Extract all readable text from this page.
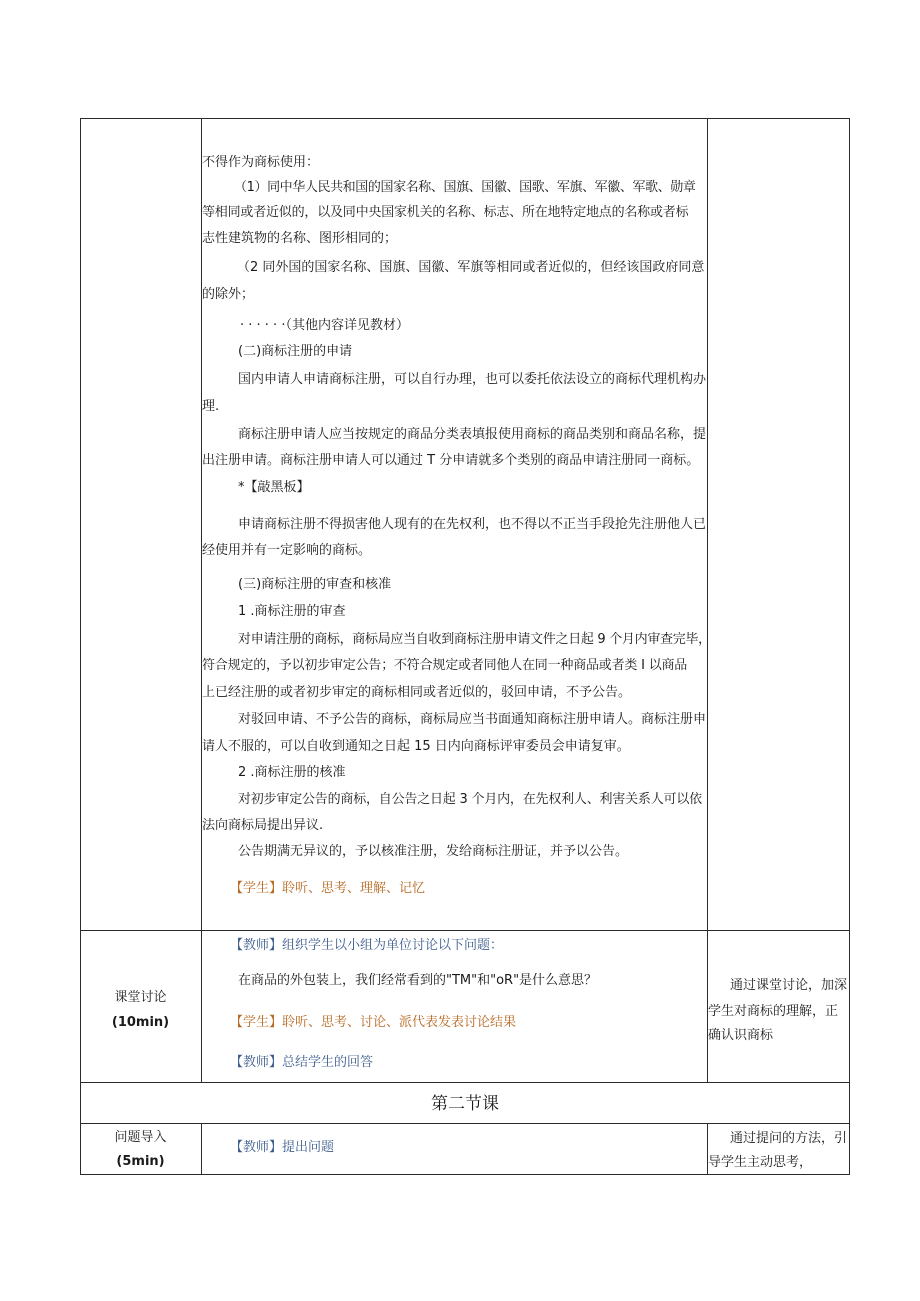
不得作为商标使用：
（1）同中华人民共和国的国家名称、国旗、国徽、国歌、军旗、军徽、军歌、勋章
等相同或者近似的，以及同中央国家机关的名称、标志、所在地特定地点的名称或者标
志性建筑物的名称、图形相同的；
（2 同外国的国家名称、国旗、国徽、军旗等相同或者近似的，但经该国政府同意
的除外；
· · · · · ·（其他内容详见教材）
(二)商标注册的申请
国内申请人申请商标注册，可以自行办理，也可以委托依法设立的商标代理机构办
理.
商标注册申请人应当按规定的商品分类表填报使用商标的商品类别和商品名称，提
出注册申请。商标注册申请人可以通过 T 分申请就多个类别的商品申请注册同一商标。
*【敲黑板】
申请商标注册不得损害他人现有的在先权利，也不得以不正当手段抢先注册他人已
经使用并有一定影响的商标。
(三)商标注册的审查和核准
1 .商标注册的审查
对申请注册的商标，商标局应当自收到商标注册申请文件之日起 9 个月内审查完毕，
符合规定的，予以初步审定公告；不符合规定或者同他人在同一种商品或者类 I 以商品
上已经注册的或者初步审定的商标相同或者近似的，驳回申请，不予公告。
对驳回申请、不予公告的商标，商标局应当书面通知商标注册申请人。商标注册申
请人不服的，可以自收到通知之日起 15 日内向商标评审委员会申请复审。
2 .商标注册的核准
对初步审定公告的商标，自公告之日起 3 个月内，在先权利人、利害关系人可以依
法向商标局提出异议.
公告期满无异议的，予以核准注册，发给商标注册证，并予以公告。
【学生】聆听、思考、理解、记忆
课堂讨论
(10min)
【教师】组织学生以小组为单位讨论以下问题：
在商品的外包装上，我们经常看到的"TM"和"oR"是什么意思？
【学生】聆听、思考、讨论、派代表发表讨论结果
【教师】总结学生的回答
通过课堂讨论，加深
学生对商标的理解，正
确认识商标
第二节课
问题导入
(5min)
【教师】提出问题
通过提问的方法，引
导学生主动思考，
